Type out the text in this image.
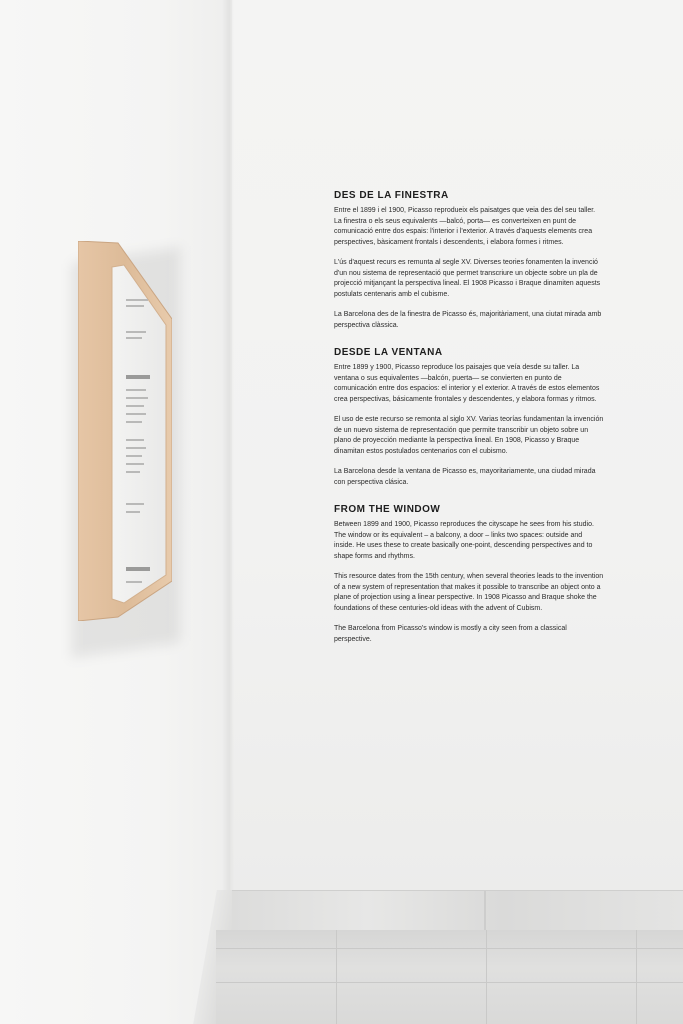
DES DE LA FINESTRA

Entre el 1899 i el 1900, Picasso reprodueix els paisatges que veia des del seu taller. La finestra o els seus equivalents —balcó, porta— es converteixen en punt de comunicació entre dos espais: l'interior i l'exterior. A través d'aquests elements crea perspectives, bàsicament frontals i descendents, i elabora formes i ritmes.

L'ús d'aquest recurs es remunta al segle XV. Diverses teories fonamenten la invenció d'un nou sistema de representació que permet transcriure un objecte sobre un pla de projecció mitjançant la perspectiva lineal. El 1908 Picasso i Braque dinamiten aquests postulats centenaris amb el cubisme.

La Barcelona des de la finestra de Picasso és, majoritàriament, una ciutat mirada amb perspectiva clàssica.

DESDE LA VENTANA

Entre 1899 y 1900, Picasso reproduce los paisajes que veía desde su taller. La ventana o sus equivalentes —balcón, puerta— se convierten en punto de comunicación entre dos espacios: el interior y el exterior. A través de estos elementos crea perspectivas, básicamente frontales y descendentes, y elabora formas y ritmos.

El uso de este recurso se remonta al siglo XV. Varias teorías fundamentan la invención de un nuevo sistema de representación que permite transcribir un objeto sobre un plano de proyección mediante la perspectiva lineal. En 1908, Picasso y Braque dinamitan estos postulados centenarios con el cubismo.

La Barcelona desde la ventana de Picasso es, mayoritariamente, una ciudad mirada con perspectiva clásica.

FROM THE WINDOW

Between 1899 and 1900, Picasso reproduces the cityscape he sees from his studio. The window or its equivalent – a balcony, a door – links two spaces: outside and inside. He uses these to create basically one-point, descending perspectives and to shape forms and rhythms.

This resource dates from the 15th century, when several theories leads to the invention of a new system of representation that makes it possible to transcribe an object onto a plane of projection using a linear perspective. In 1908 Picasso and Braque shoke the foundations of these centuries-old ideas with the advent of Cubism.

The Barcelona from Picasso's window is mostly a city seen from a classical perspective.
